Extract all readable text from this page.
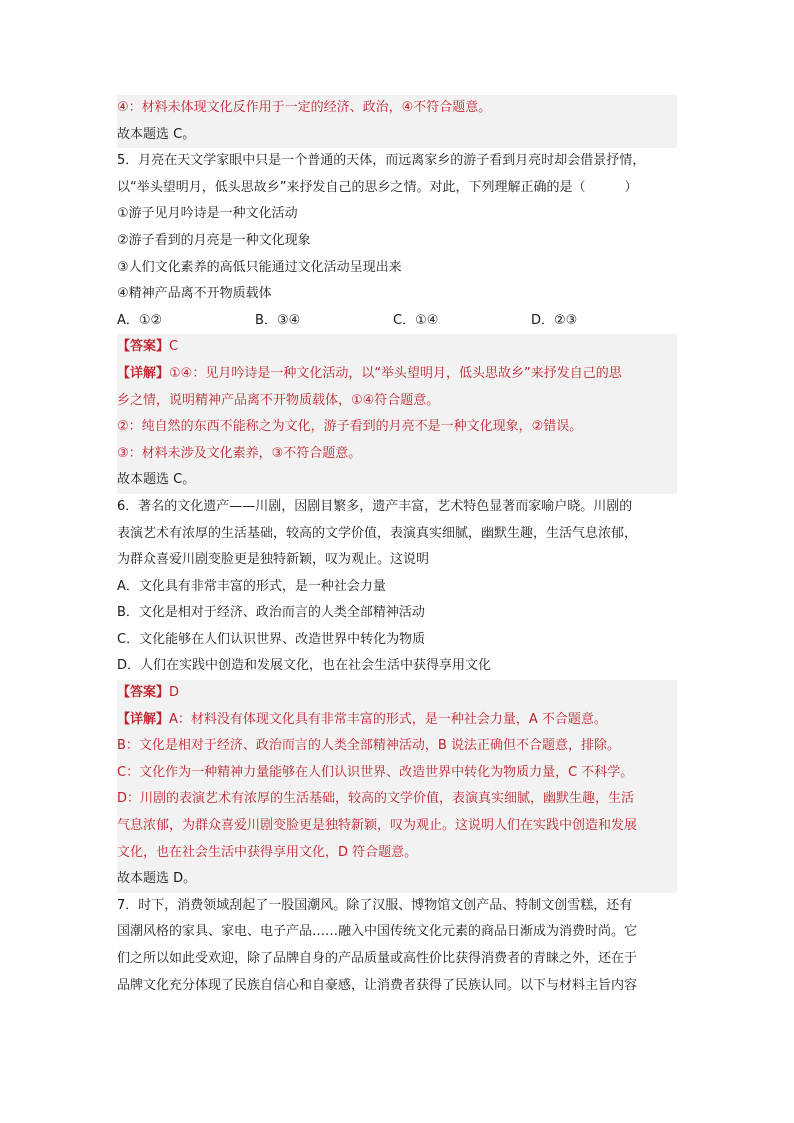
④：材料未体现文化反作用于一定的经济、政治，④不符合题意。
故本题选 C。
5．月亮在天文学家眼中只是一个普通的天体，而远离家乡的游子看到月亮时却会借景抒情，
以“举头望明月，低头思故乡”来抒发自己的思乡之情。对此，下列理解正确的是（　　　）
①游子见月吟诗是一种文化活动
②游子看到的月亮是一种文化现象
③人们文化素养的高低只能通过文化活动呈现出来
④精神产品离不开物质载体
A．①②	B．③④	C．①④	D．②③
【答案】C
【详解】①④：见月吟诗是一种文化活动，以“举头望明月，低头思故乡”来抒发自己的思
乡之情，说明精神产品离不开物质载体，①④符合题意。
②：纯自然的东西不能称之为文化，游子看到的月亮不是一种文化现象，②错误。
③：材料未涉及文化素养，③不符合题意。
故本题选 C。
6．著名的文化遗产——川剧，因剧目繁多，遗产丰富，艺术特色显著而家喻户晓。川剧的
表演艺术有浓厚的生活基础，较高的文学价值，表演真实细腻，幽默生趣，生活气息浓郁，
为群众喜爱川剧变脸更是独特新颖，叹为观止。这说明
A．文化具有非常丰富的形式，是一种社会力量
B．文化是相对于经济、政治而言的人类全部精神活动
C．文化能够在人们认识世界、改造世界中转化为物质
D．人们在实践中创造和发展文化，也在社会生活中获得享用文化
【答案】D
【详解】A：材料没有体现文化具有非常丰富的形式，是一种社会力量，A 不合题意。
B：文化是相对于经济、政治而言的人类全部精神活动，B 说法正确但不合题意，排除。
C：文化作为一种精神力量能够在人们认识世界、改造世界中转化为物质力量，C 不科学。
D：川剧的表演艺术有浓厚的生活基础，较高的文学价值，表演真实细腻，幽默生趣，生活
气息浓郁，为群众喜爱川剧变脸更是独特新颖，叹为观止。这说明人们在实践中创造和发展
文化，也在社会生活中获得享用文化，D 符合题意。
故本题选 D。
7．时下，消费领域刮起了一股国潮风。除了汉服、博物馆文创产品、特制文创雪糕，还有
国潮风格的家具、家电、电子产品……融入中国传统文化元素的商品日渐成为消费时尚。它
们之所以如此受欢迎，除了品牌自身的产品质量或高性价比获得消费者的青睐之外，还在于
品牌文化充分体现了民族自信心和自豪感，让消费者获得了民族认同。以下与材料主旨内容
